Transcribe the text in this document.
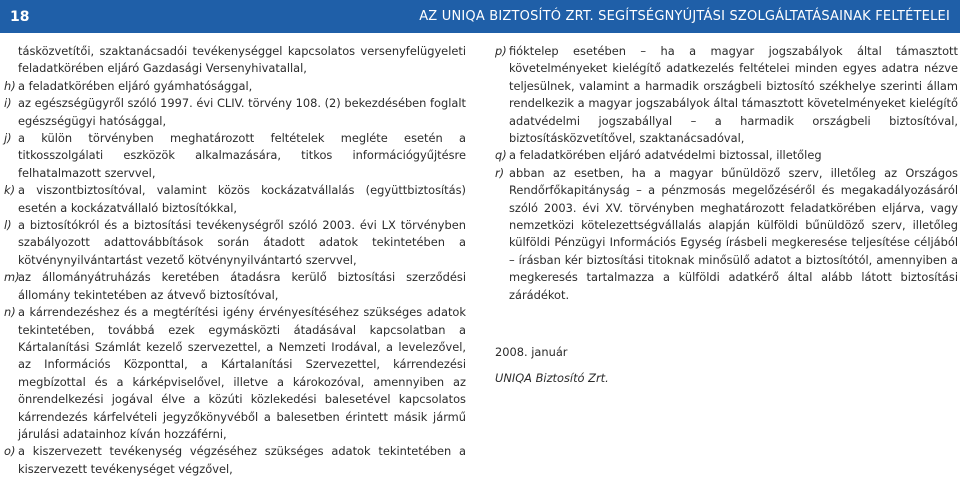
18	AZ UNIQA BIZTOSÍTÓ ZRT. SEGÍTSÉGNYÚJTÁSI SZOLGÁLTATÁSAINAK FELTÉTELEI
tásközvetítői, szaktanácsadói tevékenységgel kapcsolatos versenyfelügyeleti feladatkörében eljáró Gazdasági Versenyhivatallal,
h) a feladatkörében eljáró gyámhatósággal,
i) az egészségügyről szóló 1997. évi CLIV. törvény 108. (2) bekezdésében foglalt egészségügyi hatósággal,
j) a külön törvényben meghatározott feltételek megléte esetén a titkosszolgálati eszközök alkalmazására, titkos információgyűjtésre felhatalmazott szervvel,
k) a viszontbiztosítóval, valamint közös kockázatvállalás (együttbiztosítás) esetén a kockázatvállaló biztosítókkal,
l) a biztosítókról és a biztosítási tevékenységről szóló 2003. évi LX törvényben szabályozott adattovábbítások során átadott adatok tekintetében a kötvénynyilvántartást vezető kötvénynyilvántartó szervvel,
m)
az állományátruházás keretében átadásra kerülő biztosítási szerződési állomány tekintetében az átvevő biztosítóval,
n) a kárrendezéshez és a megtérítési igény érvényesítéséhez szükséges adatok tekintetében, továbbá ezek egymásközti átadásával kapcsolatban a Kártalanítási Számlát kezelő szervezettel, a Nemzeti Irodával, a levelezővel, az Információs Központtal, a Kártalanítási Szervezettel, kárrendezési megbízottal és a kárképviselővel, illetve a károkozóval, amennyiben az önrendelkezési jogával élve a közúti közlekedési balesetével kapcsolatos kárrendezés kárfelvételi jegyzőkönyvéből a balesetben érintett másik jármű járulási adatainhoz kíván hozzáférni,
o) a kiszervezett tevékenység végzéséhez szükséges adatok tekintetében a kiszervezett tevékenységet végzővel,
p) fióktelep esetében – ha a magyar jogszabályok által támasztott követelményeket kielégítő adatkezelés feltételei minden egyes adatra nézve teljesülnek, valamint a harmadik országbeli biztosító székhelye szerinti állam rendelkezik a magyar jogszabályok által támasztott követelményeket kielégítő adatvédelmi jogszabállyal – a harmadik országbeli biztosítóval, biztosításközvetítővel, szaktanácsadóval,
q) a feladatkörében eljáró adatvédelmi biztossal, illetőleg
r) abban az esetben, ha a magyar bűnüldöző szerv, illetőleg az Országos Rendőrfőkapitányság – a pénzmosás megelőzéséről és megakadályozásáról szóló 2003. évi XV. törvényben meghatározott feladatkörében eljárva, vagy nemzetközi kötelezettségvállalás alapján külföldi bűnüldöző szerv, illetőleg külföldi Pénzügyi Információs Egység írásbeli megkeresése teljesítése céljából – írásban kér biztosítási titoknak minősülő adatot a biztosítótól, amennyiben a megkeresés tartalmazza a külföldi adatkérő által alább látott biztosítási zárádékot.
2008. január
UNIQA Biztosító Zrt.
